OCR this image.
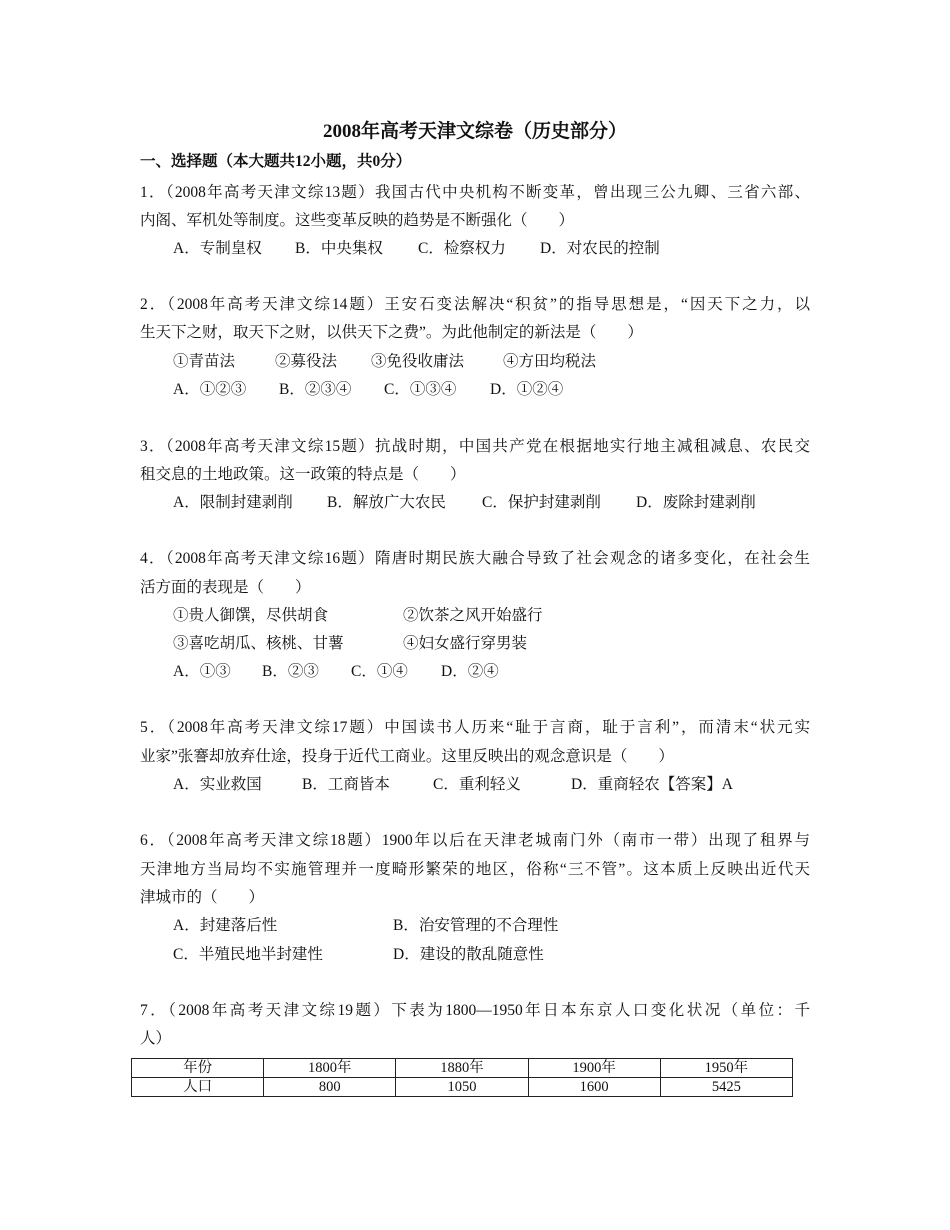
2008年高考天津文综卷（历史部分）
一、选择题（本大题共12小题，共0分）
1．（2008年高考天津文综13题）我国古代中央机构不断变革，曾出现三公九卿、三省六部、
内阁、军机处等制度。这些变革反映的趋势是不断强化（　　）
A．专制皇权 B．中央集权 C．检察权力 D．对农民的控制
2．（2008年高考天津文综14题）王安石变法解决“积贫”的指导思想是，“因天下之力，以
生天下之财，取天下之财，以供天下之费”。为此他制定的新法是（　　）
①青苗法	②募役法 ③免役收庸法	④方田均税法
A．①②③ B．②③④ C．①③④ D．①②④
3．（2008年高考天津文综15题）抗战时期，中国共产党在根据地实行地主减租减息、农民交
租交息的土地政策。这一政策的特点是（　　）
A．限制封建剥削 B．解放广大农民 C．保护封建剥削 D．废除封建剥削
4．（2008年高考天津文综16题）隋唐时期民族大融合导致了社会观念的诸多变化，在社会生
活方面的表现是（　　）
①贵人御馔，尽供胡食	②饮茶之风开始盛行
③喜吃胡瓜、核桃、甘薯	④妇女盛行穿男装
A．①③ B．②③ C．①④ D．②④
5．（2008年高考天津文综17题）中国读书人历来“耻于言商，耻于言利”，而清末“状元实
业家”张謇却放弃仕途，投身于近代工商业。这里反映出的观念意识是（　　）
A．实业救国	B．工商皆本	C．重利轻义	D．重商轻农【答案】A
6．（2008年高考天津文综18题）1900年以后在天津老城南门外（南市一带）出现了租界与
天津地方当局均不实施管理并一度畸形繁荣的地区，俗称“三不管”。这本质上反映出近代天
津城市的（　　）
A．封建落后性	B．治安管理的不合理性
C．半殖民地半封建性	D．建设的散乱随意性
7．（2008年高考天津文综19题）下表为1800—1950年日本东京人口变化状况（单位：千
人）
年份	1800年	1880年	1900年	1950年
人口	800	1050	1600	5425
